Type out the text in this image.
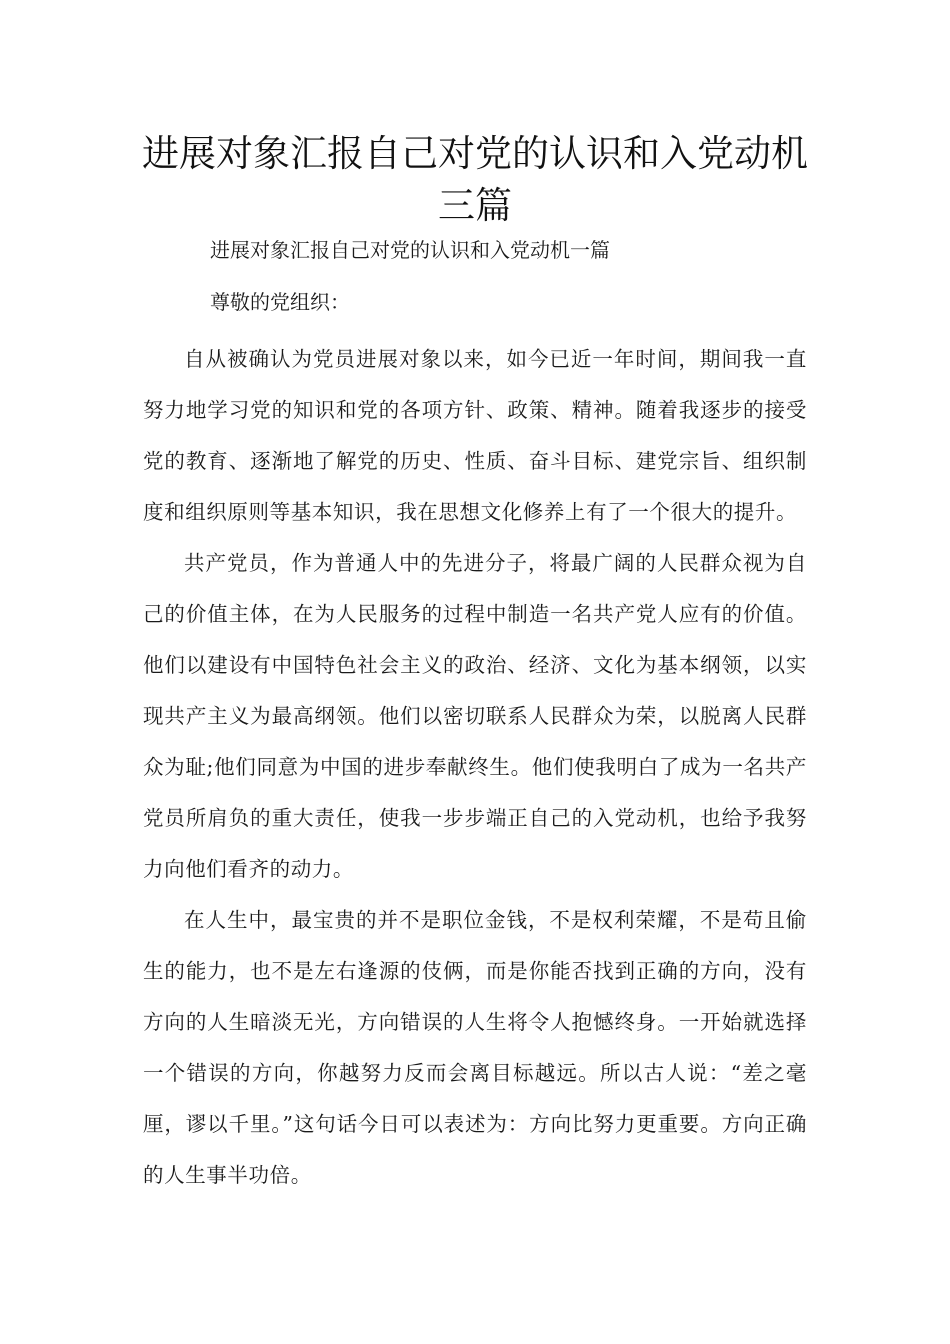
进展对象汇报自己对党的认识和入党动机三篇

进展对象汇报自己对党的认识和入党动机一篇

尊敬的党组织：

自从被确认为党员进展对象以来，如今已近一年时间，期间我一直努力地学习党的知识和党的各项方针、政策、精神。随着我逐步的接受党的教育、逐渐地了解党的历史、性质、奋斗目标、建党宗旨、组织制度和组织原则等基本知识，我在思想文化修养上有了一个很大的提升。

共产党员，作为普通人中的先进分子，将最广阔的人民群众视为自己的价值主体，在为人民服务的过程中制造一名共产党人应有的价值。他们以建设有中国特色社会主义的政治、经济、文化为基本纲领，以实现共产主义为最高纲领。他们以密切联系人民群众为荣，以脱离人民群众为耻;他们同意为中国的进步奉献终生。他们使我明白了成为一名共产党员所肩负的重大责任，使我一步步端正自己的入党动机，也给予我努力向他们看齐的动力。

在人生中，最宝贵的并不是职位金钱，不是权利荣耀，不是苟且偷生的能力，也不是左右逢源的伎俩，而是你能否找到正确的方向，没有方向的人生暗淡无光，方向错误的人生将令人抱憾终身。一开始就选择一个错误的方向，你越努力反而会离目标越远。所以古人说：“差之毫厘，谬以千里。”这句话今日可以表述为：方向比努力更重要。方向正确的人生事半功倍。
